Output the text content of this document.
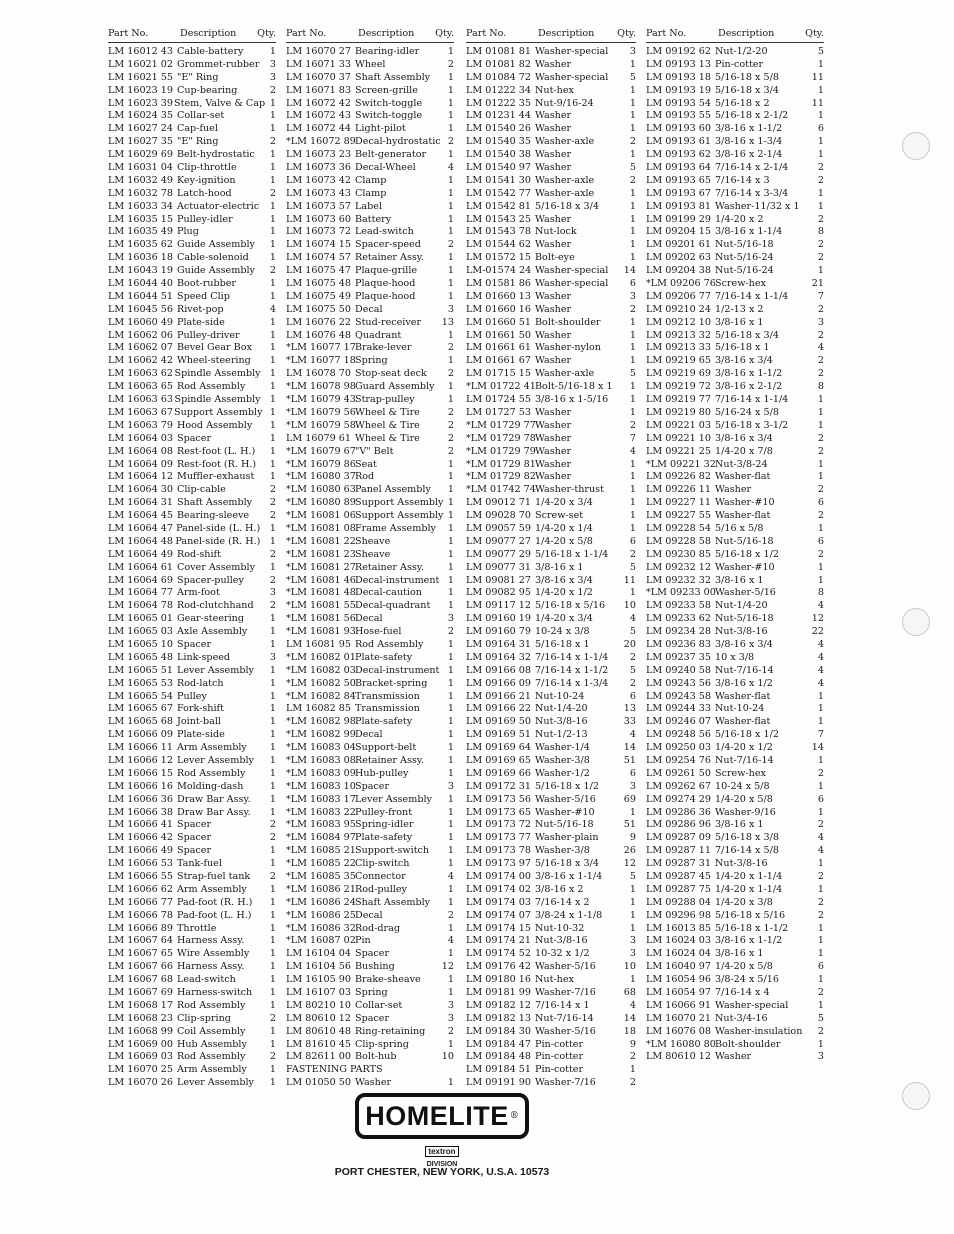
Part No.	Description	Qty.
LM 16012 43 Cable-battery	1
LM 16021 02 Grommet-rubber	3
LM 16021 55 "E" Ring	3
LM 16023 19 Cup-bearing	2
LM 16023 39 Stem, Valve & Cap 1
LM 16024 35 Collar-set	1
LM 16027 24 Cap-fuel	1
LM 16027 35 "E" Ring	2
LM 16029 69 Belt-hydrostatic	1
LM 16031 04 Clip-throttle	1
LM 16032 49 Key-ignition	1
LM 16032 78 Latch-hood	2
LM 16033 34 Actuator-electric	1
LM 16035 15 Pulley-idler	1
LM 16035 49 Plug	1
LM 16035 62 Guide Assembly	1
LM 16036 18 Cable-solenoid	1
LM 16043 19 Guide Assembly	2
LM 16044 40 Boot-rubber	1
LM 16044 51 Speed Clip	1
LM 16045 56 Rivet-pop	4
LM 16060 49 Plate-side	1
LM 16062 06 Pulley-driver	1
LM 16062 07 Bevel Gear Box	1
LM 16062 42 Wheel-steering	1
LM 16063 62 Spindle Assembly 1
LM 16063 65 Rod Assembly	1
LM 16063 63 Spindle Assembly 1
LM 16063 67 Support Assembly 1
LM 16063 79 Hood Assembly	1
LM 16064 03 Spacer	1
LM 16064 08 Rest-foot (L. H.)	1
LM 16064 09 Rest-foot (R. H.)	1
LM 16064 12 Muffler-exhaust	1
LM 16064 30 Clip-cable	2
LM 16064 31 Shaft Assembly	2
LM 16064 45 Bearing-sleeve	2
LM 16064 47 Panel-side (L. H.)	1
LM 16064 48 Panel-side (R. H.) 1
LM 16064 49 Rod-shift	2
LM 16064 61 Cover Assembly	1
LM 16064 69 Spacer-pulley	2
LM 16064 77 Arm-foot	3
LM 16064 78 Rod-clutchhand	2
LM 16065 01 Gear-steering	1
LM 16065 03 Axle Assembly	1
LM 16065 10 Spacer	1
LM 16065 48 Link-speed	3
LM 16065 51 Lever Assembly	1
LM 16065 53 Rod-latch	1
LM 16065 54 Pulley	1
LM 16065 67 Fork-shift	1
LM 16065 68 Joint-ball	1
LM 16066 09 Plate-side	1
LM 16066 11 Arm Assembly	1
LM 16066 12 Lever Assembly	1
LM 16066 15 Rod Assembly	1
LM 16066 16 Molding-dash	1
LM 16066 36 Draw Bar Assy.	1
LM 16066 38 Draw Bar Assy.	1
LM 16066 41 Spacer	2
LM 16066 42 Spacer	2
LM 16066 49 Spacer	1
LM 16066 53 Tank-fuel	1
LM 16066 55 Strap-fuel tank	2
LM 16066 62 Arm Assembly	1
LM 16066 77 Pad-foot (R. H.)	1
LM 16066 78 Pad-foot (L. H.)	1
LM 16066 89 Throttle	1
LM 16067 64 Harness Assy.	1
LM 16067 65 Wire Assembly	1
LM 16067 66 Harness Assy.	1
LM 16067 68 Lead-switch	1
LM 16067 69 Harness-switch	1
LM 16068 17 Rod Assembly	1
LM 16068 23 Clip-spring	2
LM 16068 99 Coil Assembly	1
LM 16069 00 Hub Assembly	1
LM 16069 03 Rod Assembly	2
LM 16070 25 Arm Assembly	1
LM 16070 26 Lever Assembly	1
Part No.	Description	Qty.
LM 16070 27 Bearing-idler	1
LM 16071 33 Wheel	2
LM 16070 37 Shaft Assembly	1
LM 16071 83 Screen-grille	1
LM 16072 42 Switch-toggle	1
LM 16072 43 Switch-toggle	1
LM 16072 44 Light-pilot	1
*LM 16072 89 Decal-hydrostatic 2
LM 16073 23 Belt-generator	1
LM 16073 36 Decal-Wheel	4
LM 16073 42 Clamp	1
LM 16073 43 Clamp	1
LM 16073 57 Label	1
LM 16073 60 Battery	1
LM 16073 72 Lead-switch	1
LM 16074 15 Spacer-speed	2
LM 16074 57 Retainer Assy.	1
LM 16075 47 Plaque-grille	1
LM 16075 48 Plaque-hood	1
LM 16075 49 Plaque-hood	1
LM 16075 50 Decal	3
LM 16076 22 Stud-receiver	13
LM 16076 48 Quadrant	1
*LM 16077 17 Brake-lever	2
*LM 16077 18 Spring	1
LM 16078 70 Stop-seat deck	2
*LM 16078 98 Guard Assembly	1
*LM 16079 43 Strap-pulley	1
*LM 16079 56 Wheel & Tire	2
*LM 16079 58 Wheel & Tire	2
LM 16079 61 Wheel & Tire	2
*LM 16079 67 "V" Belt	2
*LM 16079 86 Seat	1
*LM 16080 37 Rod	1
*LM 16080 63 Panel Assembly	1
*LM 16080 89 Support Assembly 1
*LM 16081 06 Support Assembly 1
*LM 16081 08 Frame Assembly	1
*LM 16081 22 Sheave	1
*LM 16081 23 Sheave	1
*LM 16081 27 Retainer Assy.	1
*LM 16081 46 Decal-instrument 1
*LM 16081 48 Decal-caution	1
*LM 16081 55 Decal-quadrant	1
*LM 16081 56 Decal	3
*LM 16081 93 Hose-fuel	2
LM 16081 95 Rod Assembly	1
*LM 16082 01 Plate-safety	1
*LM 16082 03 Decal-instrument 1
*LM 16082 50 Bracket-spring	1
*LM 16082 84 Transmission	1
LM 16082 85 Transmission	1
*LM 16082 98 Plate-safety	1
*LM 16082 99 Decal	1
*LM 16083 04 Support-belt	1
*LM 16083 08 Retainer Assy.	1
*LM 16083 09 Hub-pulley	1
*LM 16083 10 Spacer	3
*LM 16083 17 Lever Assembly	1
*LM 16083 22 Pulley-front	1
*LM 16083 95 Spring-idler	1
*LM 16084 97 Plate-safety	1
*LM 16085 21 Support-switch	1
*LM 16085 22 Clip-switch	1
*LM 16085 35 Connector	4
*LM 16086 21 Rod-pulley	1
*LM 16086 24 Shaft Assembly	1
*LM 16086 25 Decal	2
*LM 16086 32 Rod-drag	1
*LM 16087 02 Pin	4
LM 16104 04 Spacer	1
LM 16104 56 Bushing	12
LM 16105 90 Brake-sheave	1
LM 16107 03 Spring	1
LM 80210 10 Collar-set	3
LM 80610 12 Spacer	3
LM 80610 48 Ring-retaining	2
LM 81610 45 Clip-spring	1
LM 82611 00 Bolt-hub	10
FASTENING PARTS
LM 01050 50 Washer	1
Part No.	Description	Qty.
LM 01081 81 Washer-special	3
LM 01081 82 Washer	1
LM 01084 72 Washer-special	5
LM 01222 34 Nut-hex	1
LM 01222 35 Nut-9/16-24	1
LM 01231 44 Washer	1
LM 01540 26 Washer	1
LM 01540 35 Washer-axle	2
LM 01540 38 Washer	1
LM 01540 97 Washer	5
LM 01541 30 Washer-axle	2
LM 01542 77 Washer-axle	1
LM 01542 81 5/16-18 x 3/4	1
LM 01543 25 Washer	1
LM 01543 78 Nut-lock	1
LM 01544 62 Washer	1
LM 01572 15 Bolt-eye	1
LM-01574 24 Washer-special	14
LM 01581 86 Washer-special	6
LM 01660 13 Washer	3
LM 01660 16 Washer	2
LM 01660 51 Bolt-shoulder	1
LM 01661 50 Washer	1
LM 01661 61 Washer-nylon	1
LM 01661 67 Washer	1
LM 01715 15 Washer-axle	5
*LM 01722 41 Bolt-5/16-18 x 1	1
LM 01724 55 3/8-16 x 1-5/16	1
LM 01727 53 Washer	1
*LM 01729 77 Washer	2
*LM 01729 78 Washer	7
*LM 01729 79 Washer	4
*LM 01729 81 Washer	1
*LM 01729 82 Washer	1
*LM 01742 74 Washer-thrust	1
LM 09012 71 1/4-20 x 3/4	1
LM 09028 70 Screw-set	1
LM 09057 59 1/4-20 x 1/4	1
LM 09077 27 1/4-20 x 5/8	6
LM 09077 29 5/16-18 x 1-1/4	2
LM 09077 31 3/8-16 x 1	5
LM 09081 27 3/8-16 x 3/4	11
LM 09082 95 1/4-20 x 1/2	1
LM 09117 12 5/16-18 x 5/16	10
LM 09160 19 1/4-20 x 3/4	4
LM 09160 79 10-24 x 3/8	5
LM 09164 31 5/16-18 x 1	20
LM 09164 32 7/16-14 x 1-1/4	2
LM 09166 08 7/16-14 x 1-1/2	5
LM 09166 09 7/16-14 x 1-3/4	2
LM 09166 21 Nut-10-24	6
LM 09166 22 Nut-1/4-20	13
LM 09169 50 Nut-3/8-16	33
LM 09169 51 Nut-1/2-13	4
LM 09169 64 Washer-1/4	14
LM 09169 65 Washer-3/8	51
LM 09169 66 Washer-1/2	6
LM 09172 31 5/16-18 x 1/2	3
LM 09173 56 Washer-5/16	69
LM 09173 65 Washer-#10	1
LM 09173 72 Nut-5/16-18	51
LM 09173 77 Washer-plain	9
LM 09173 78 Washer-3/8	26
LM 09173 97 5/16-18 x 3/4	12
LM 09174 00 3/8-16 x 1-1/4	5
LM 09174 02 3/8-16 x 2	1
LM 09174 03 7/16-14 x 2	1
LM 09174 07 3/8-24 x 1-1/8	1
LM 09174 15 Nut-10-32	1
LM 09174 21 Nut-3/8-16	3
LM 09174 52 10-32 x 1/2	3
LM 09176 42 Washer-5/16	10
LM 09180 16 Nut-hex	1
LM 09181 99 Washer-7/16	68
LM 09182 12 7/16-14 x 1	4
LM 09182 13 Nut-7/16-14	14
LM 09184 30 Washer-5/16	18
LM 09184 47 Pin-cotter	9
LM 09184 48 Pin-cotter	2
LM 09184 51 Pin-cotter	1
LM 09191 90 Washer-7/16	2
Part No.	Description	Qty.
LM 09192 62 Nut-1/2-20	5
LM 09193 13 Pin-cotter	1
LM 09193 18 5/16-18 x 5/8	11
LM 09193 19 5/16-18 x 3/4	1
LM 09193 54 5/16-18 x 2	11
LM 09193 55 5/16-18 x 2-1/2	1
LM 09193 60 3/8-16 x 1-1/2	6
LM 09193 61 3/8-16 x 1-3/4	1
LM 09193 62 3/8-16 x 2-1/4	1
LM 09193 64 7/16-14 x 2-1/4	2
LM 09193 65 7/16-14 x 3	2
LM 09193 67 7/16-14 x 3-3/4	1
LM 09193 81 Washer-11/32 x 1	1
LM 09199 29 1/4-20 x 2	2
LM 09204 15 3/8-16 x 1-1/4	8
LM 09201 61 Nut-5/16-18	2
LM 09202 63 Nut-5/16-24	2
LM 09204 38 Nut-5/16-24	1
*LM 09206 76 Screw-hex	21
LM 09206 77 7/16-14 x 1-1/4	7
LM 09210 24 1/2-13 x 2	2
LM 09212 10 3/8-16 x 1	3
LM 09213 32 5/16-18 x 3/4	2
LM 09213 33 5/16-18 x 1	4
LM 09219 65 3/8-16 x 3/4	2
LM 09219 69 3/8-16 x 1-1/2	2
LM 09219 72 3/8-16 x 2-1/2	8
LM 09219 77 7/16-14 x 1-1/4	1
LM 09219 80 5/16-24 x 5/8	1
LM 09221 03 5/16-18 x 3-1/2	1
LM 09221 10 3/8-16 x 3/4	2
LM 09221 25 1/4-20 x 7/8	2
*LM 09221 32 Nut-3/8-24	1
LM 09226 82 Washer-flat	1
LM 09226 11 Washer	2
LM 09227 11 Washer-#10	6
LM 09227 55 Washer-flat	2
LM 09228 54 5/16 x 5/8	1
LM 09228 58 Nut-5/16-18	6
LM 09230 85 5/16-18 x 1/2	2
LM 09232 12 Washer-#10	1
LM 09232 32 3/8-16 x 1	1
*LM 09233 00 Washer-5/16	8
LM 09233 58 Nut-1/4-20	4
LM 09233 62 Nut-5/16-18	12
LM 09234 28 Nut-3/8-16	22
LM 09236 83 3/8-16 x 3/4	4
LM 09237 35 10 x 3/8	4
LM 09240 58 Nut-7/16-14	4
LM 09243 56 3/8-16 x 1/2	4
LM 09243 58 Washer-flat	1
LM 09244 33 Nut-10-24	1
LM 09246 07 Washer-flat	1
LM 09248 56 5/16-18 x 1/2	7
LM 09250 03 1/4-20 x 1/2	14
LM 09254 76 Nut-7/16-14	1
LM 09261 50 Screw-hex	2
LM 09262 67 10-24 x 5/8	1
LM 09274 29 1/4-20 x 5/8	6
LM 09286 36 Washer-9/16	1
LM 09286 96 3/8-16 x 1	2
LM 09287 09 5/16-18 x 3/8	4
LM 09287 11 7/16-14 x 5/8	4
LM 09287 31 Nut-3/8-16	1
LM 09287 45 1/4-20 x 1-1/4	2
LM 09287 75 1/4-20 x 1-1/4	1
LM 09288 04 1/4-20 x 3/8	2
LM 09296 98 5/16-18 x 5/16	2
LM 16013 85 5/16-18 x 1-1/2	1
LM 16024 03 3/8-16 x 1-1/2	1
LM 16024 04 3/8-16 x 1	1
LM 16040 97 1/4-20 x 5/8	6
LM 16054 96 3/8-24 x 5/16	1
LM 16054 97 7/16-14 x 4	2
LM 16066 91 Washer-special	1
LM 16070 21 Nut-3/4-16	5
LM 16076 08 Washer-insulation	2
*LM 16080 80 Bolt-shoulder	1
LM 80610 12 Washer	3
HOMELITE ®
textron
DIVISION
PORT CHESTER, NEW YORK, U.S.A. 10573
